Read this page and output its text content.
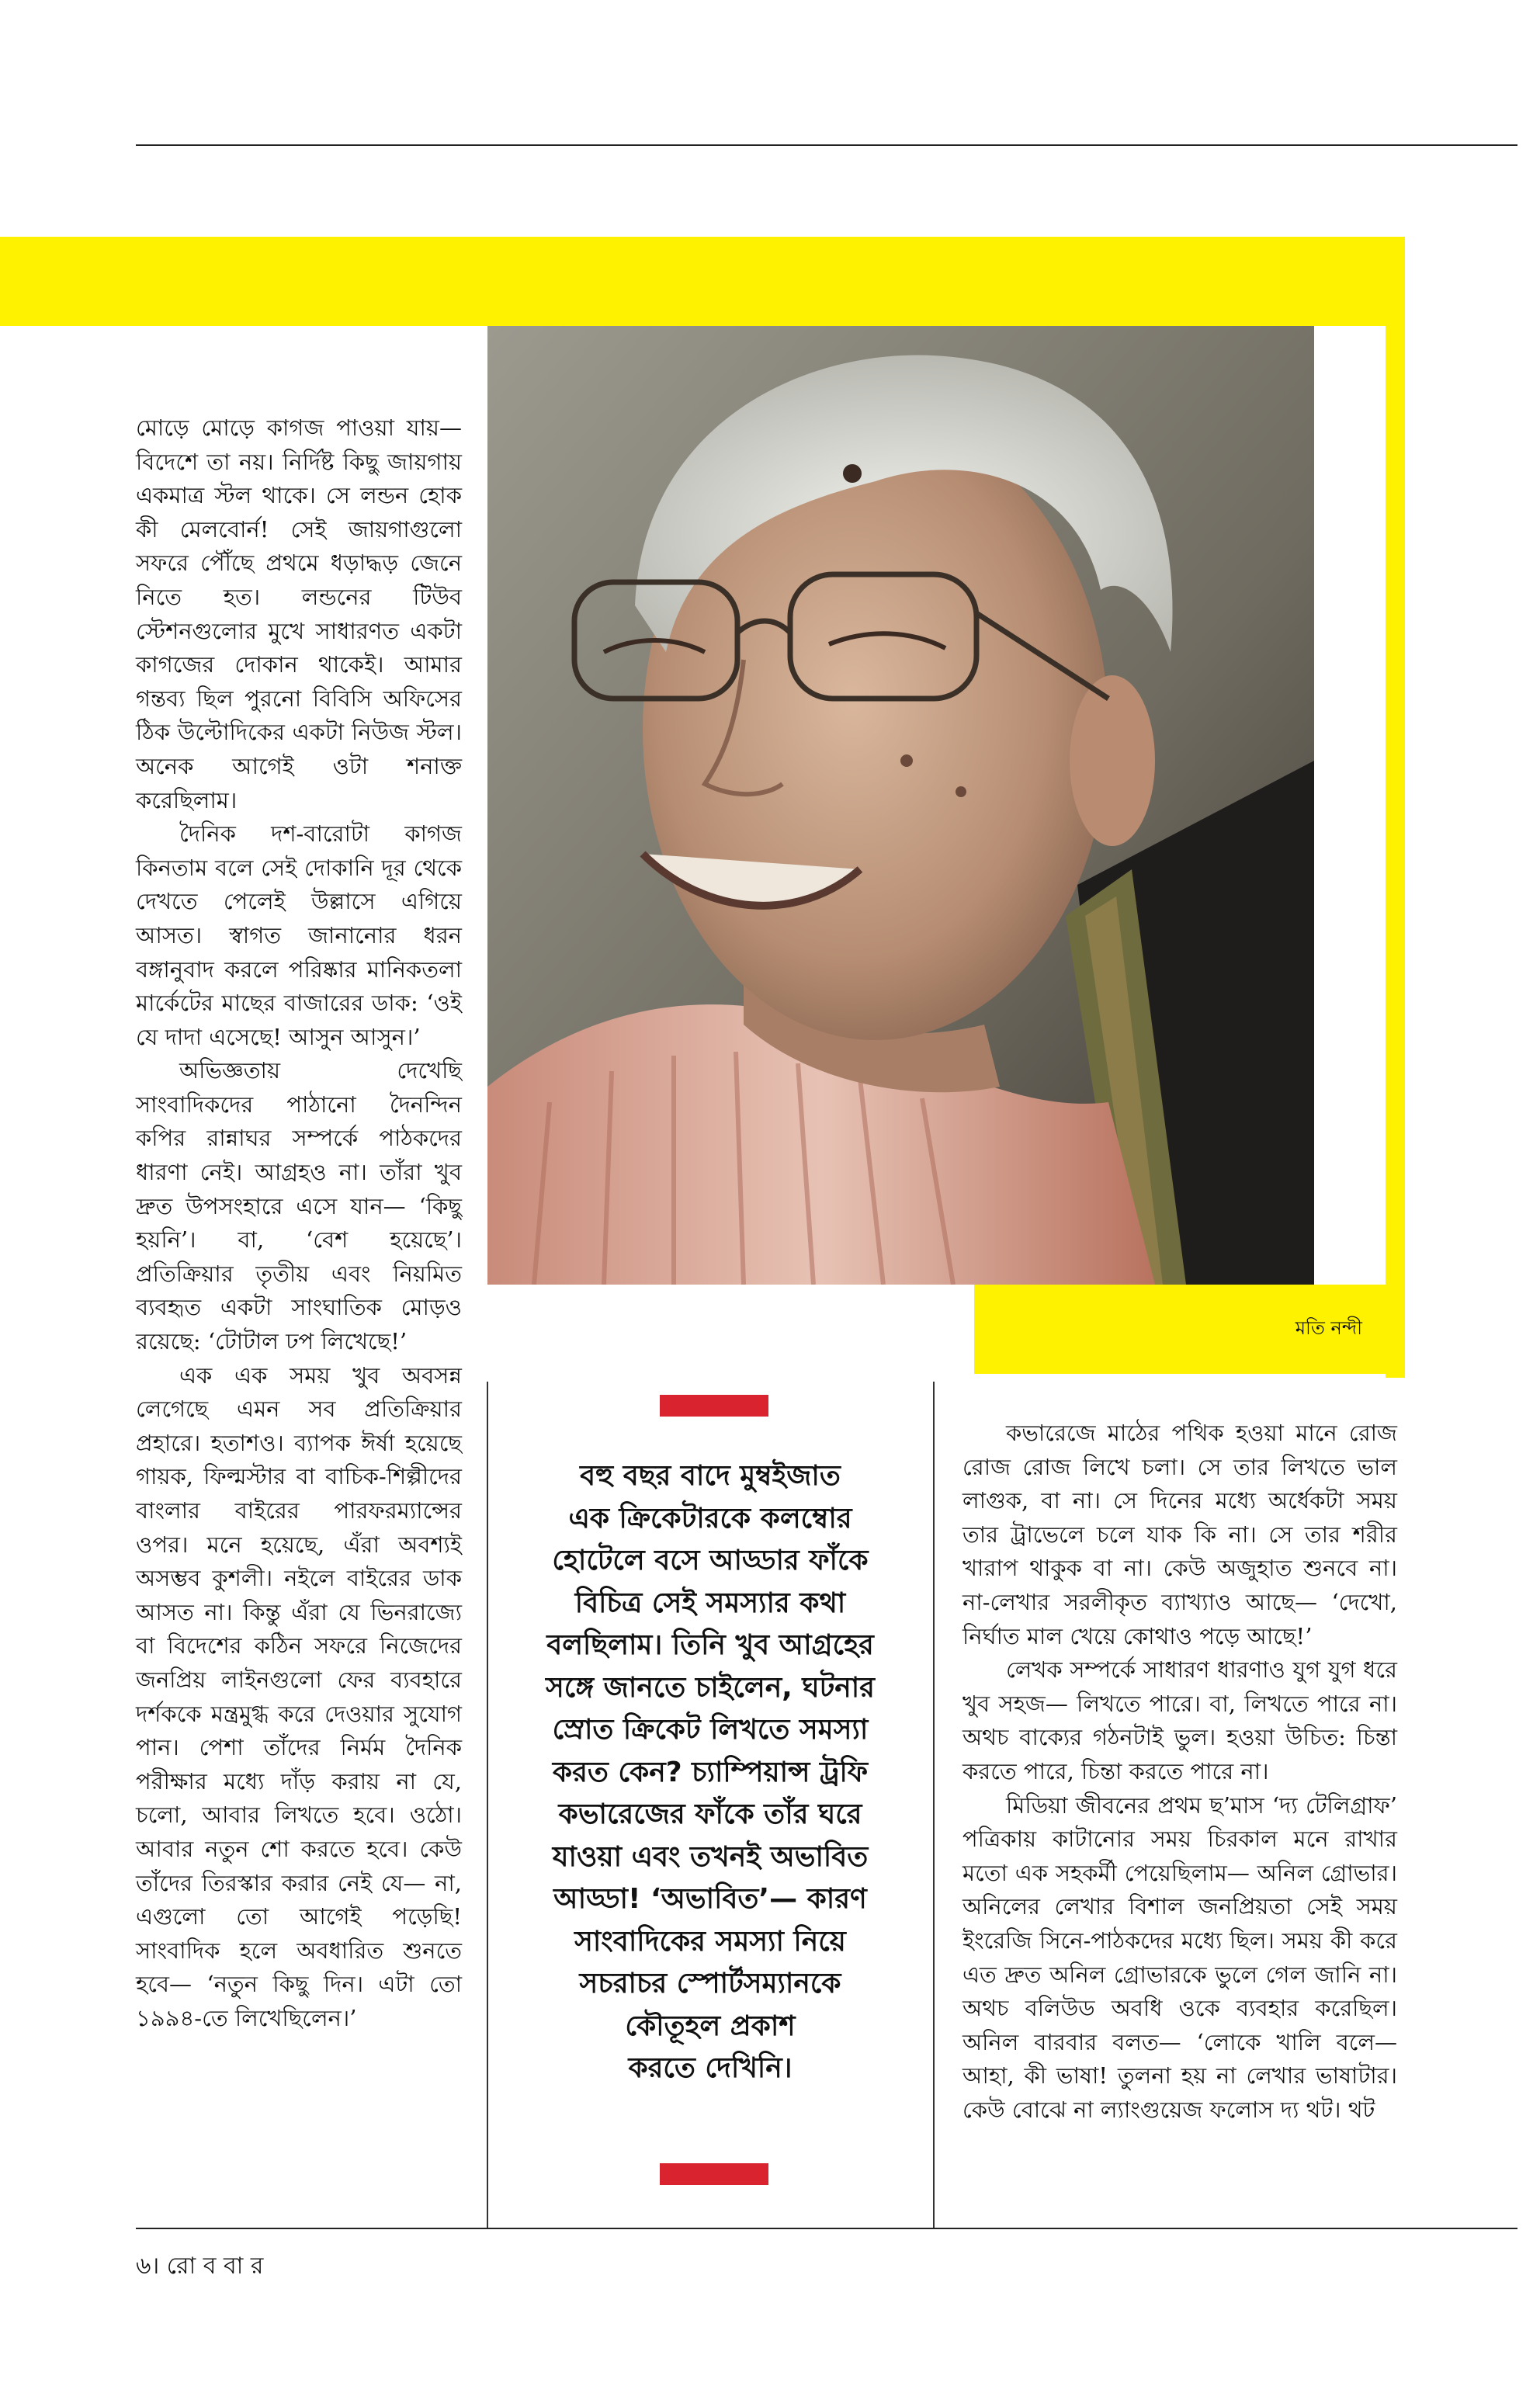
মতি নন্দী

মোড়ে মোড়ে কাগজ পাওয়া যায়— বিদেশে তা নয়। নির্দিষ্ট কিছু জায়গায় একমাত্র স্টল থাকে। সে লন্ডন হোক কী মেলবোর্ন! সেই জায়গাগুলো সফরে পৌঁছে প্রথমে ধড়াদ্ধড় জেনে নিতে হত। লন্ডনের টিউব স্টেশনগুলোর মুখে সাধারণত একটা কাগজের দোকান থাকেই। আমার গন্তব্য ছিল পুরনো বিবিসি অফিসের ঠিক উল্টোদিকের একটা নিউজ স্টল। অনেক আগেই ওটা শনাক্ত করেছিলাম।

দৈনিক দশ-বারোটা কাগজ কিনতাম বলে সেই দোকানি দূর থেকে দেখতে পেলেই উল্লাসে এগিয়ে আসত। স্বাগত জানানোর ধরন বঙ্গানুবাদ করলে পরিষ্কার মানিকতলা মার্কেটের মাছের বাজারের ডাক: ‘ওই যে দাদা এসেছে! আসুন আসুন।’

অভিজ্ঞতায় দেখেছি সাংবাদিকদের পাঠানো দৈনন্দিন কপির রান্নাঘর সম্পর্কে পাঠকদের ধারণা নেই। আগ্রহও না। তাঁরা খুব দ্রুত উপসংহারে এসে যান— ‘কিছু হয়নি’। বা, ‘বেশ হয়েছে’। প্রতিক্রিয়ার তৃতীয় এবং নিয়মিত ব্যবহৃত একটা সাংঘাতিক মোড়ও রয়েছে: ‘টোটাল ঢপ লিখেছে!’

এক এক সময় খুব অবসন্ন লেগেছে এমন সব প্রতিক্রিয়ার প্রহারে। হতাশও। ব্যাপক ঈর্ষা হয়েছে গায়ক, ফিল্মস্টার বা বাচিক-শিল্পীদের বাংলার বাইরের পারফরম্যান্সের ওপর। মনে হয়েছে, এঁরা অবশ্যই অসম্ভব কুশলী। নইলে বাইরের ডাক আসত না। কিন্তু এঁরা যে ভিনরাজ্যে বা বিদেশের কঠিন সফরে নিজেদের জনপ্রিয় লাইনগুলো ফের ব্যবহারে দর্শককে মন্ত্রমুগ্ধ করে দেওয়ার সুযোগ পান। পেশা তাঁদের নির্মম দৈনিক পরীক্ষার মধ্যে দাঁড় করায় না যে, চলো, আবার লিখতে হবে। ওঠো। আবার নতুন শো করতে হবে। কেউ তাঁদের তিরস্কার করার নেই যে— না, এগুলো তো আগেই পড়েছি! সাংবাদিক হলে অবধারিত শুনতে হবে— ‘নতুন কিছু দিন। এটা তো ১৯৯৪-তে লিখেছিলেন।’

বহু বছর বাদে মুম্বইজাত

এক ক্রিকেটারকে কলম্বোর

হোটেলে বসে আড্ডার ফাঁকে

বিচিত্র সেই সমস্যার কথা

বলছিলাম। তিনি খুব আগ্রহের

সঙ্গে জানতে চাইলেন, ঘটনার

স্রোত ক্রিকেট লিখতে সমস্যা

করত কেন? চ্যাম্পিয়ান্স ট্রফি

কভারেজের ফাঁকে তাঁর ঘরে

যাওয়া এবং তখনই অভাবিত

আড্ডা! ‘অভাবিত’— কারণ

সাংবাদিকের সমস্যা নিয়ে

সচরাচর স্পোর্টসম্যানকে

কৌতূহল প্রকাশ

করতে দেখিনি।

কভারেজে মাঠের পথিক হওয়া মানে রোজ রোজ রোজ লিখে চলা। সে তার লিখতে ভাল লাগুক, বা না। সে দিনের মধ্যে অর্ধেকটা সময় তার ট্রাভেলে চলে যাক কি না। সে তার শরীর খারাপ থাকুক বা না। কেউ অজুহাত শুনবে না। না-লেখার সরলীকৃত ব্যাখ্যাও আছে— ‘দেখো, নির্ঘাত মাল খেয়ে কোথাও পড়ে আছে!’

লেখক সম্পর্কে সাধারণ ধারণাও যুগ যুগ ধরে খুব সহজ— লিখতে পারে। বা, লিখতে পারে না। অথচ বাক্যের গঠনটাই ভুল। হওয়া উচিত: চিন্তা করতে পারে, চিন্তা করতে পারে না।

মিডিয়া জীবনের প্রথম ছ’মাস ‘দ্য টেলিগ্রাফ’ পত্রিকায় কাটানোর সময় চিরকাল মনে রাখার মতো এক সহকর্মী পেয়েছিলাম— অনিল গ্রোভার। অনিলের লেখার বিশাল জনপ্রিয়তা সেই সময় ইংরেজি সিনে-পাঠকদের মধ্যে ছিল। সময় কী করে এত দ্রুত অনিল গ্রোভারকে ভুলে গেল জানি না। অথচ বলিউড অবধি ওকে ব্যবহার করেছিল। অনিল বারবার বলত— ‘লোকে খালি বলে— আহা, কী ভাষা! তুলনা হয় না লেখার ভাষাটার। কেউ বোঝে না ল্যাংগুয়েজ ফলোস দ্য থট। থট

৬। রো ব বা র
